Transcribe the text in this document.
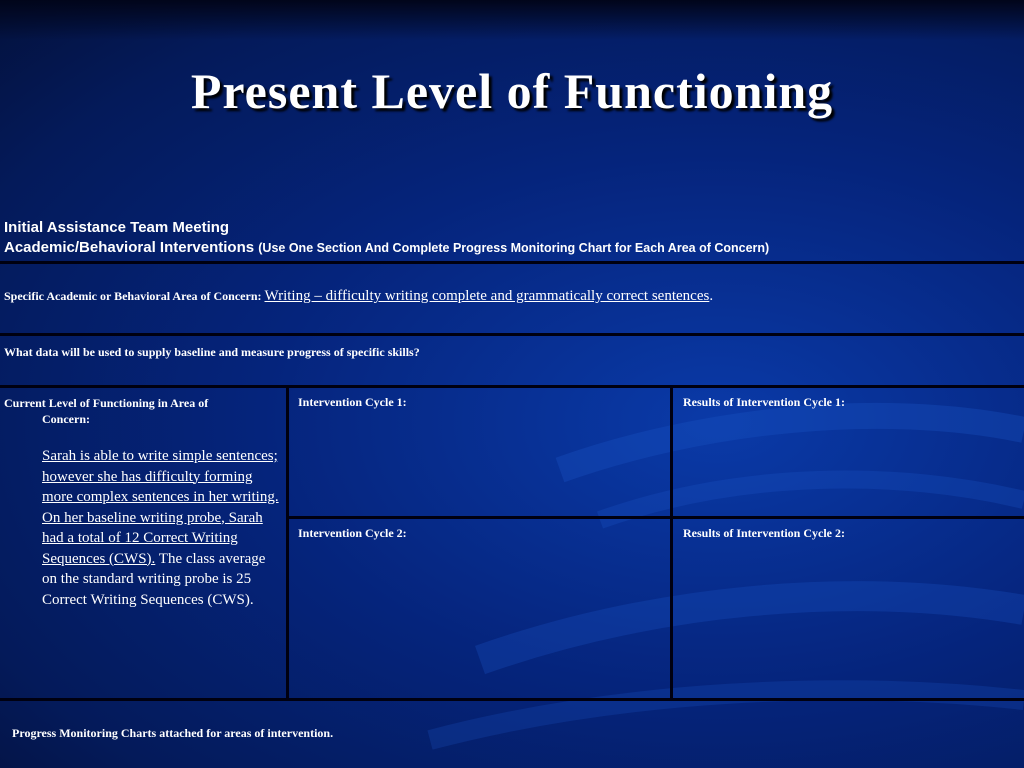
Present Level of Functioning
Initial Assistance Team Meeting
Academic/Behavioral Interventions (Use One Section And Complete Progress Monitoring Chart for Each Area of Concern)
Specific Academic or Behavioral Area of Concern: Writing – difficulty writing complete and grammatically correct sentences.
What data will be used to supply baseline and measure progress of specific skills?
Current Level of Functioning in Area of
Concern:
Sarah is able to write simple sentences; however she has difficulty forming more complex sentences in her writing. On her baseline writing probe, Sarah had a total of 12 Correct Writing Sequences (CWS). The class average on the standard writing probe is 25 Correct Writing Sequences (CWS).
Intervention Cycle 1:	Results of Intervention Cycle 1:
Intervention Cycle 2:	Results of Intervention Cycle 2:
Progress Monitoring Charts attached for areas of intervention.
